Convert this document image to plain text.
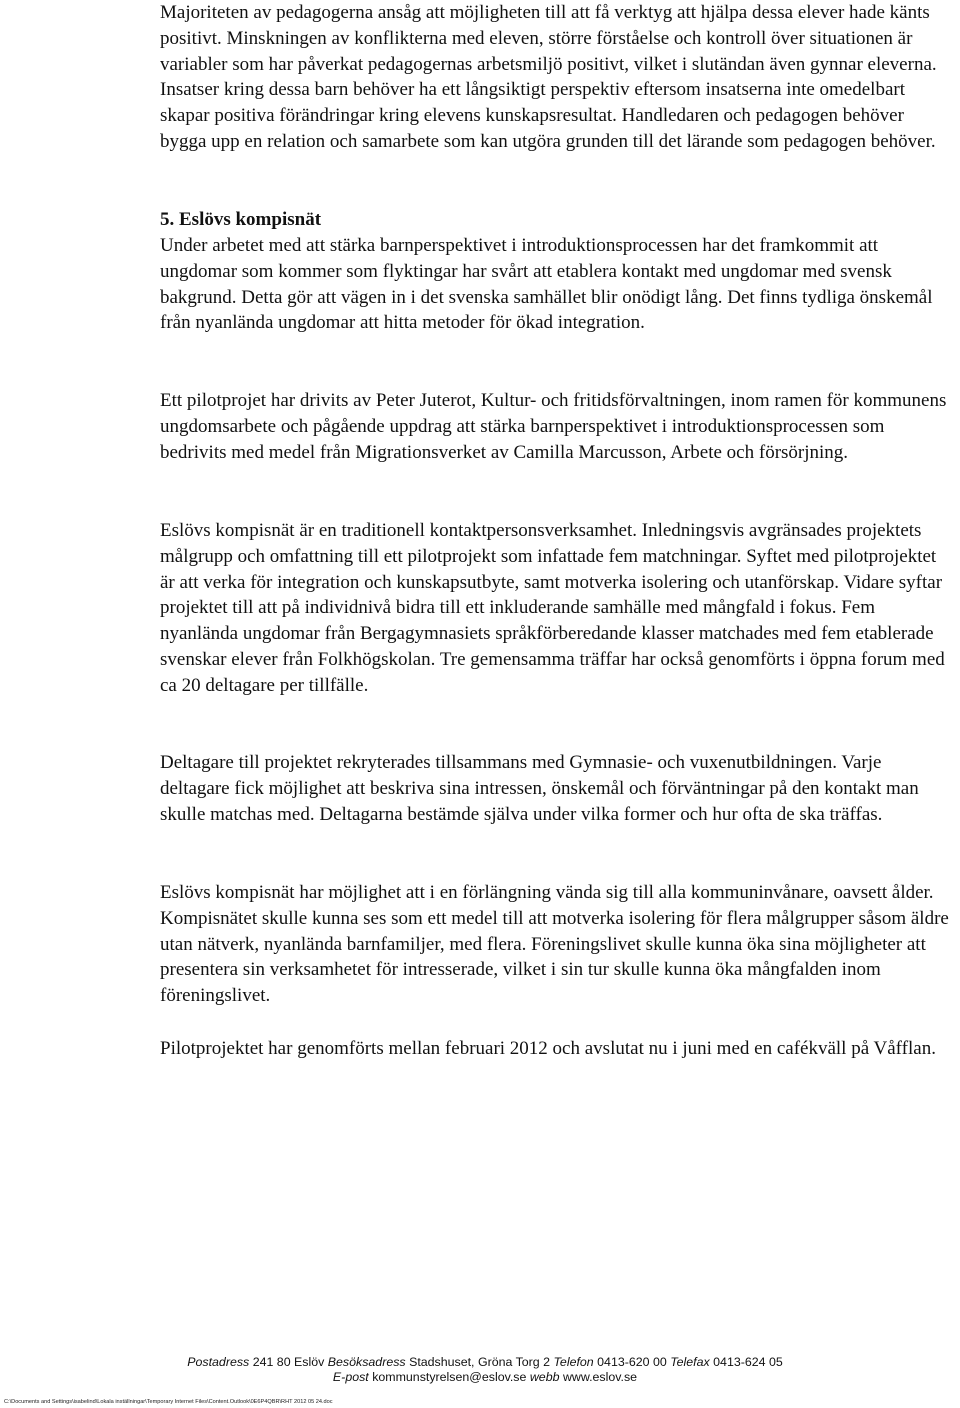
Majoriteten av pedagogerna ansåg att möjligheten till att få verktyg att hjälpa dessa elever hade känts positivt. Minskningen av konflikterna med eleven, större förståelse och kontroll över situationen är variabler som har påverkat pedagogernas arbetsmiljö positivt, vilket i slutändan även gynnar eleverna. Insatser kring dessa barn behöver ha ett långsiktigt perspektiv eftersom insatserna inte omedelbart skapar positiva förändringar kring elevens kunskapsresultat. Handledaren och pedagogen behöver bygga upp en relation och samarbete som kan utgöra grunden till det lärande som pedagogen behöver.

5. Eslövs kompisnät

Under arbetet med att stärka barnperspektivet i introduktionsprocessen har det framkommit att ungdomar som kommer som flyktingar har svårt att etablera kontakt med ungdomar med svensk bakgrund. Detta gör att vägen in i det svenska samhället blir onödigt lång. Det finns tydliga önskemål från nyanlända ungdomar att hitta metoder för ökad integration.

Ett pilotprojet har drivits av Peter Juterot, Kultur- och fritidsförvaltningen, inom ramen för kommunens ungdomsarbete och pågående uppdrag att stärka barnperspektivet i introduktionsprocessen som bedrivits med medel från Migrationsverket av Camilla Marcusson, Arbete och försörjning.

Eslövs kompisnät är en traditionell kontaktpersonsverksamhet. Inledningsvis avgränsades projektets målgrupp och omfattning till ett pilotprojekt som infattade fem matchningar. Syftet med pilotprojektet är att verka för integration och kunskapsutbyte, samt motverka isolering och utanförskap. Vidare syftar projektet till att på individnivå bidra till ett inkluderande samhälle med mångfald i fokus. Fem nyanlända ungdomar från Bergagymnasiets språkförberedande klasser matchades med fem etablerade svenskar elever från Folkhögskolan. Tre gemensamma träffar har också genomförts i öppna forum med ca 20 deltagare per tillfälle.

Deltagare till projektet rekryterades tillsammans med Gymnasie- och vuxenutbildningen. Varje deltagare fick möjlighet att beskriva sina intressen, önskemål och förväntningar på den kontakt man skulle matchas med. Deltagarna bestämde själva under vilka former och hur ofta de ska träffas.

Eslövs kompisnät har möjlighet att i en förlängning vända sig till alla kommuninvånare, oavsett ålder. Kompisnätet skulle kunna ses som ett medel till att motverka isolering för flera målgrupper såsom äldre utan nätverk, nyanlända barnfamiljer, med flera. Föreningslivet skulle kunna öka sina möjligheter att presentera sin verksamhetet för intresserade, vilket i sin tur skulle kunna öka mångfalden inom föreningslivet.

Pilotprojektet har genomförts mellan februari 2012 och avslutat nu i juni med en cafékväll på Våfflan.

Postadress 241 80 Eslöv Besöksadress Stadshuset, Gröna Torg 2 Telefon 0413-620 00 Telefax 0413-624 05
E-post kommunstyrelsen@eslov.se webb www.eslov.se
C:\Documents and Settings\isabelind\Lokala inställningar\Temporary Internet Files\Content.Outlook\0E6P4QBR\RHT 2012 05 24.doc
